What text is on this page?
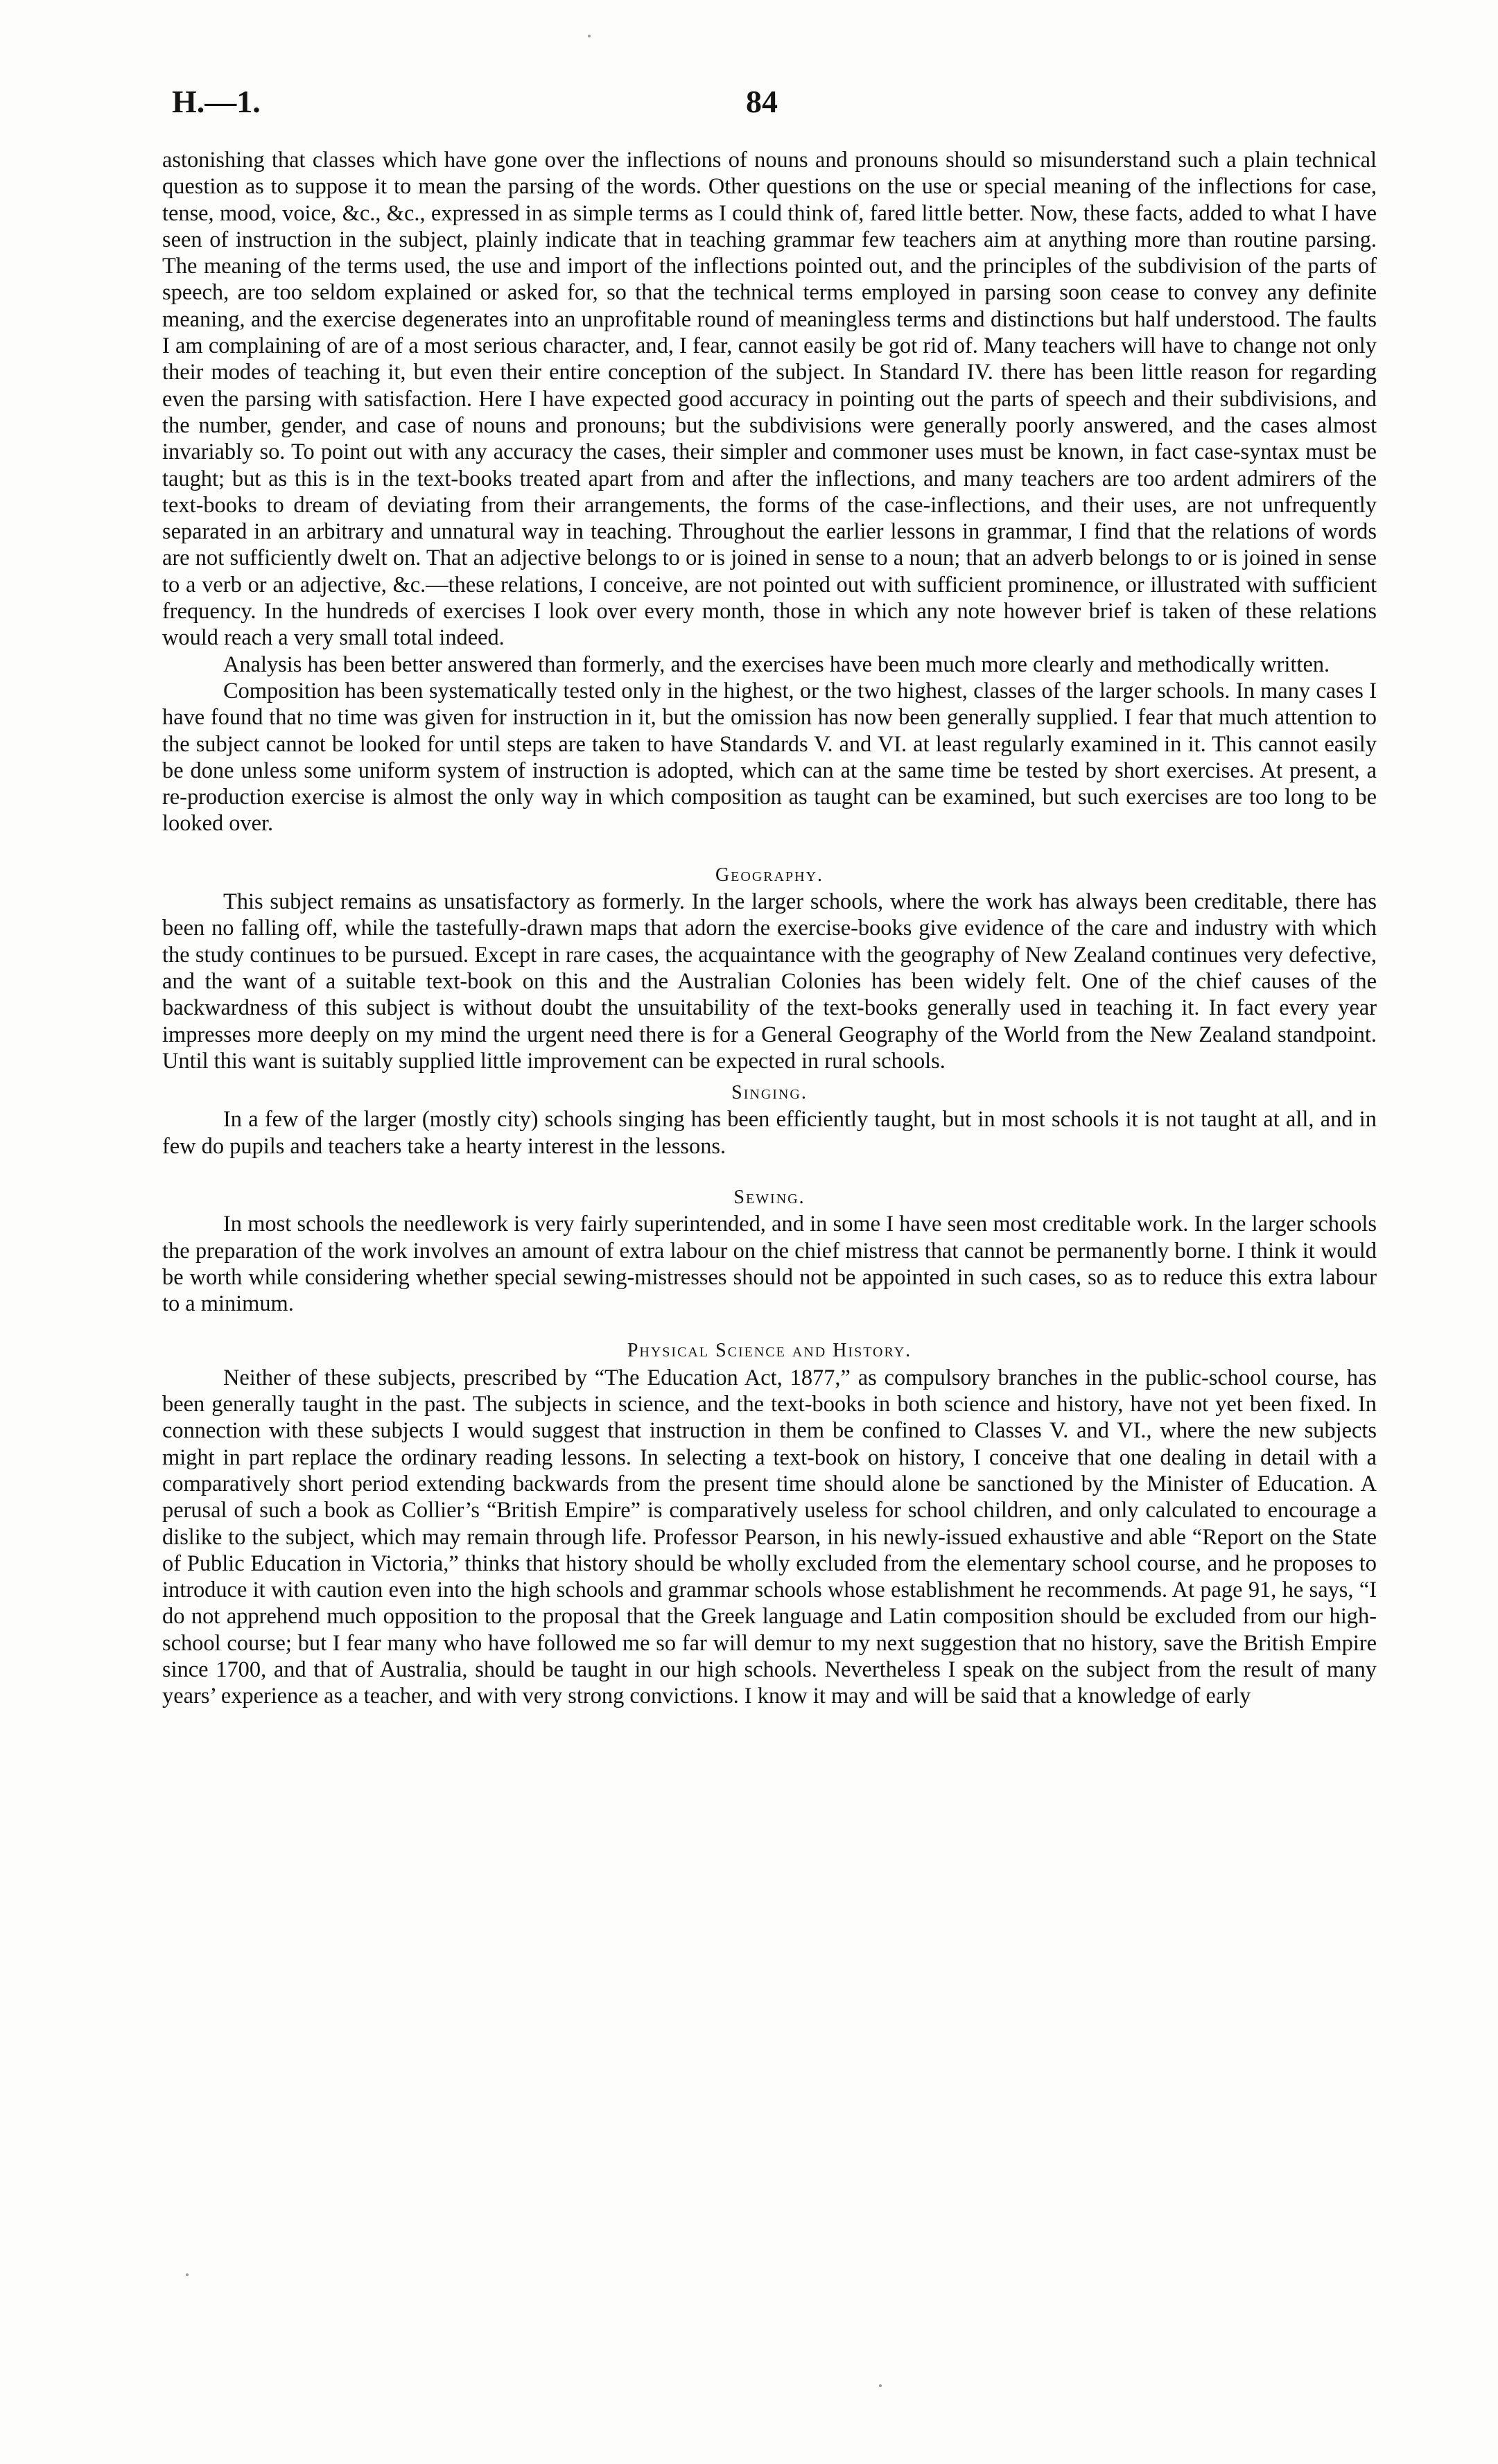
H.—1.	84

astonishing that classes which have gone over the inflections of nouns and pronouns should so misunderstand such a plain technical question as to suppose it to mean the parsing of the words. Other questions on the use or special meaning of the inflections for case, tense, mood, voice, &c., &c., expressed in as simple terms as I could think of, fared little better. Now, these facts, added to what I have seen of instruction in the subject, plainly indicate that in teaching grammar few teachers aim at anything more than routine parsing. The meaning of the terms used, the use and import of the inflections pointed out, and the principles of the subdivision of the parts of speech, are too seldom explained or asked for, so that the technical terms employed in parsing soon cease to convey any definite meaning, and the exercise degenerates into an unprofitable round of meaningless terms and distinctions but half understood. The faults I am complaining of are of a most serious character, and, I fear, cannot easily be got rid of. Many teachers will have to change not only their modes of teaching it, but even their entire conception of the subject. In Standard IV. there has been little reason for regarding even the parsing with satisfaction. Here I have expected good accuracy in pointing out the parts of speech and their subdivisions, and the number, gender, and case of nouns and pronouns; but the subdivisions were generally poorly answered, and the cases almost invariably so. To point out with any accuracy the cases, their simpler and commoner uses must be known, in fact case-syntax must be taught; but as this is in the text-books treated apart from and after the inflections, and many teachers are too ardent admirers of the text-books to dream of deviating from their arrangements, the forms of the case-inflections, and their uses, are not unfrequently separated in an arbitrary and unnatural way in teaching. Throughout the earlier lessons in grammar, I find that the relations of words are not sufficiently dwelt on. That an adjective belongs to or is joined in sense to a noun; that an adverb belongs to or is joined in sense to a verb or an adjective, &c.—these relations, I conceive, are not pointed out with sufficient prominence, or illustrated with sufficient frequency. In the hundreds of exercises I look over every month, those in which any note however brief is taken of these relations would reach a very small total indeed.

Analysis has been better answered than formerly, and the exercises have been much more clearly and methodically written.

Composition has been systematically tested only in the highest, or the two highest, classes of the larger schools. In many cases I have found that no time was given for instruction in it, but the omission has now been generally supplied. I fear that much attention to the subject cannot be looked for until steps are taken to have Standards V. and VI. at least regularly examined in it. This cannot easily be done unless some uniform system of instruction is adopted, which can at the same time be tested by short exercises. At present, a re-production exercise is almost the only way in which composition as taught can be examined, but such exercises are too long to be looked over.

Geography.

This subject remains as unsatisfactory as formerly. In the larger schools, where the work has always been creditable, there has been no falling off, while the tastefully-drawn maps that adorn the exercise-books give evidence of the care and industry with which the study continues to be pursued. Except in rare cases, the acquaintance with the geography of New Zealand continues very defective, and the want of a suitable text-book on this and the Australian Colonies has been widely felt. One of the chief causes of the backwardness of this subject is without doubt the unsuitability of the text-books generally used in teaching it. In fact every year impresses more deeply on my mind the urgent need there is for a General Geography of the World from the New Zealand standpoint. Until this want is suitably supplied little improvement can be expected in rural schools.

Singing.

In a few of the larger (mostly city) schools singing has been efficiently taught, but in most schools it is not taught at all, and in few do pupils and teachers take a hearty interest in the lessons.

Sewing.

In most schools the needlework is very fairly superintended, and in some I have seen most creditable work. In the larger schools the preparation of the work involves an amount of extra labour on the chief mistress that cannot be permanently borne. I think it would be worth while considering whether special sewing-mistresses should not be appointed in such cases, so as to reduce this extra labour to a minimum.

Physical Science and History.

Neither of these subjects, prescribed by “The Education Act, 1877,” as compulsory branches in the public-school course, has been generally taught in the past. The subjects in science, and the text-books in both science and history, have not yet been fixed. In connection with these subjects I would suggest that instruction in them be confined to Classes V. and VI., where the new subjects might in part replace the ordinary reading lessons. In selecting a text-book on history, I conceive that one dealing in detail with a comparatively short period extending backwards from the present time should alone be sanctioned by the Minister of Education. A perusal of such a book as Collier’s “British Empire” is comparatively useless for school children, and only calculated to encourage a dislike to the subject, which may remain through life. Professor Pearson, in his newly-issued exhaustive and able “Report on the State of Public Education in Victoria,” thinks that history should be wholly excluded from the elementary school course, and he proposes to introduce it with caution even into the high schools and grammar schools whose establishment he recommends. At page 91, he says, “I do not apprehend much opposition to the proposal that the Greek language and Latin composition should be excluded from our high-school course; but I fear many who have followed me so far will demur to my next suggestion that no history, save the British Empire since 1700, and that of Australia, should be taught in our high schools. Nevertheless I speak on the subject from the result of many years’ experience as a teacher, and with very strong convictions. I know it may and will be said that a knowledge of early
